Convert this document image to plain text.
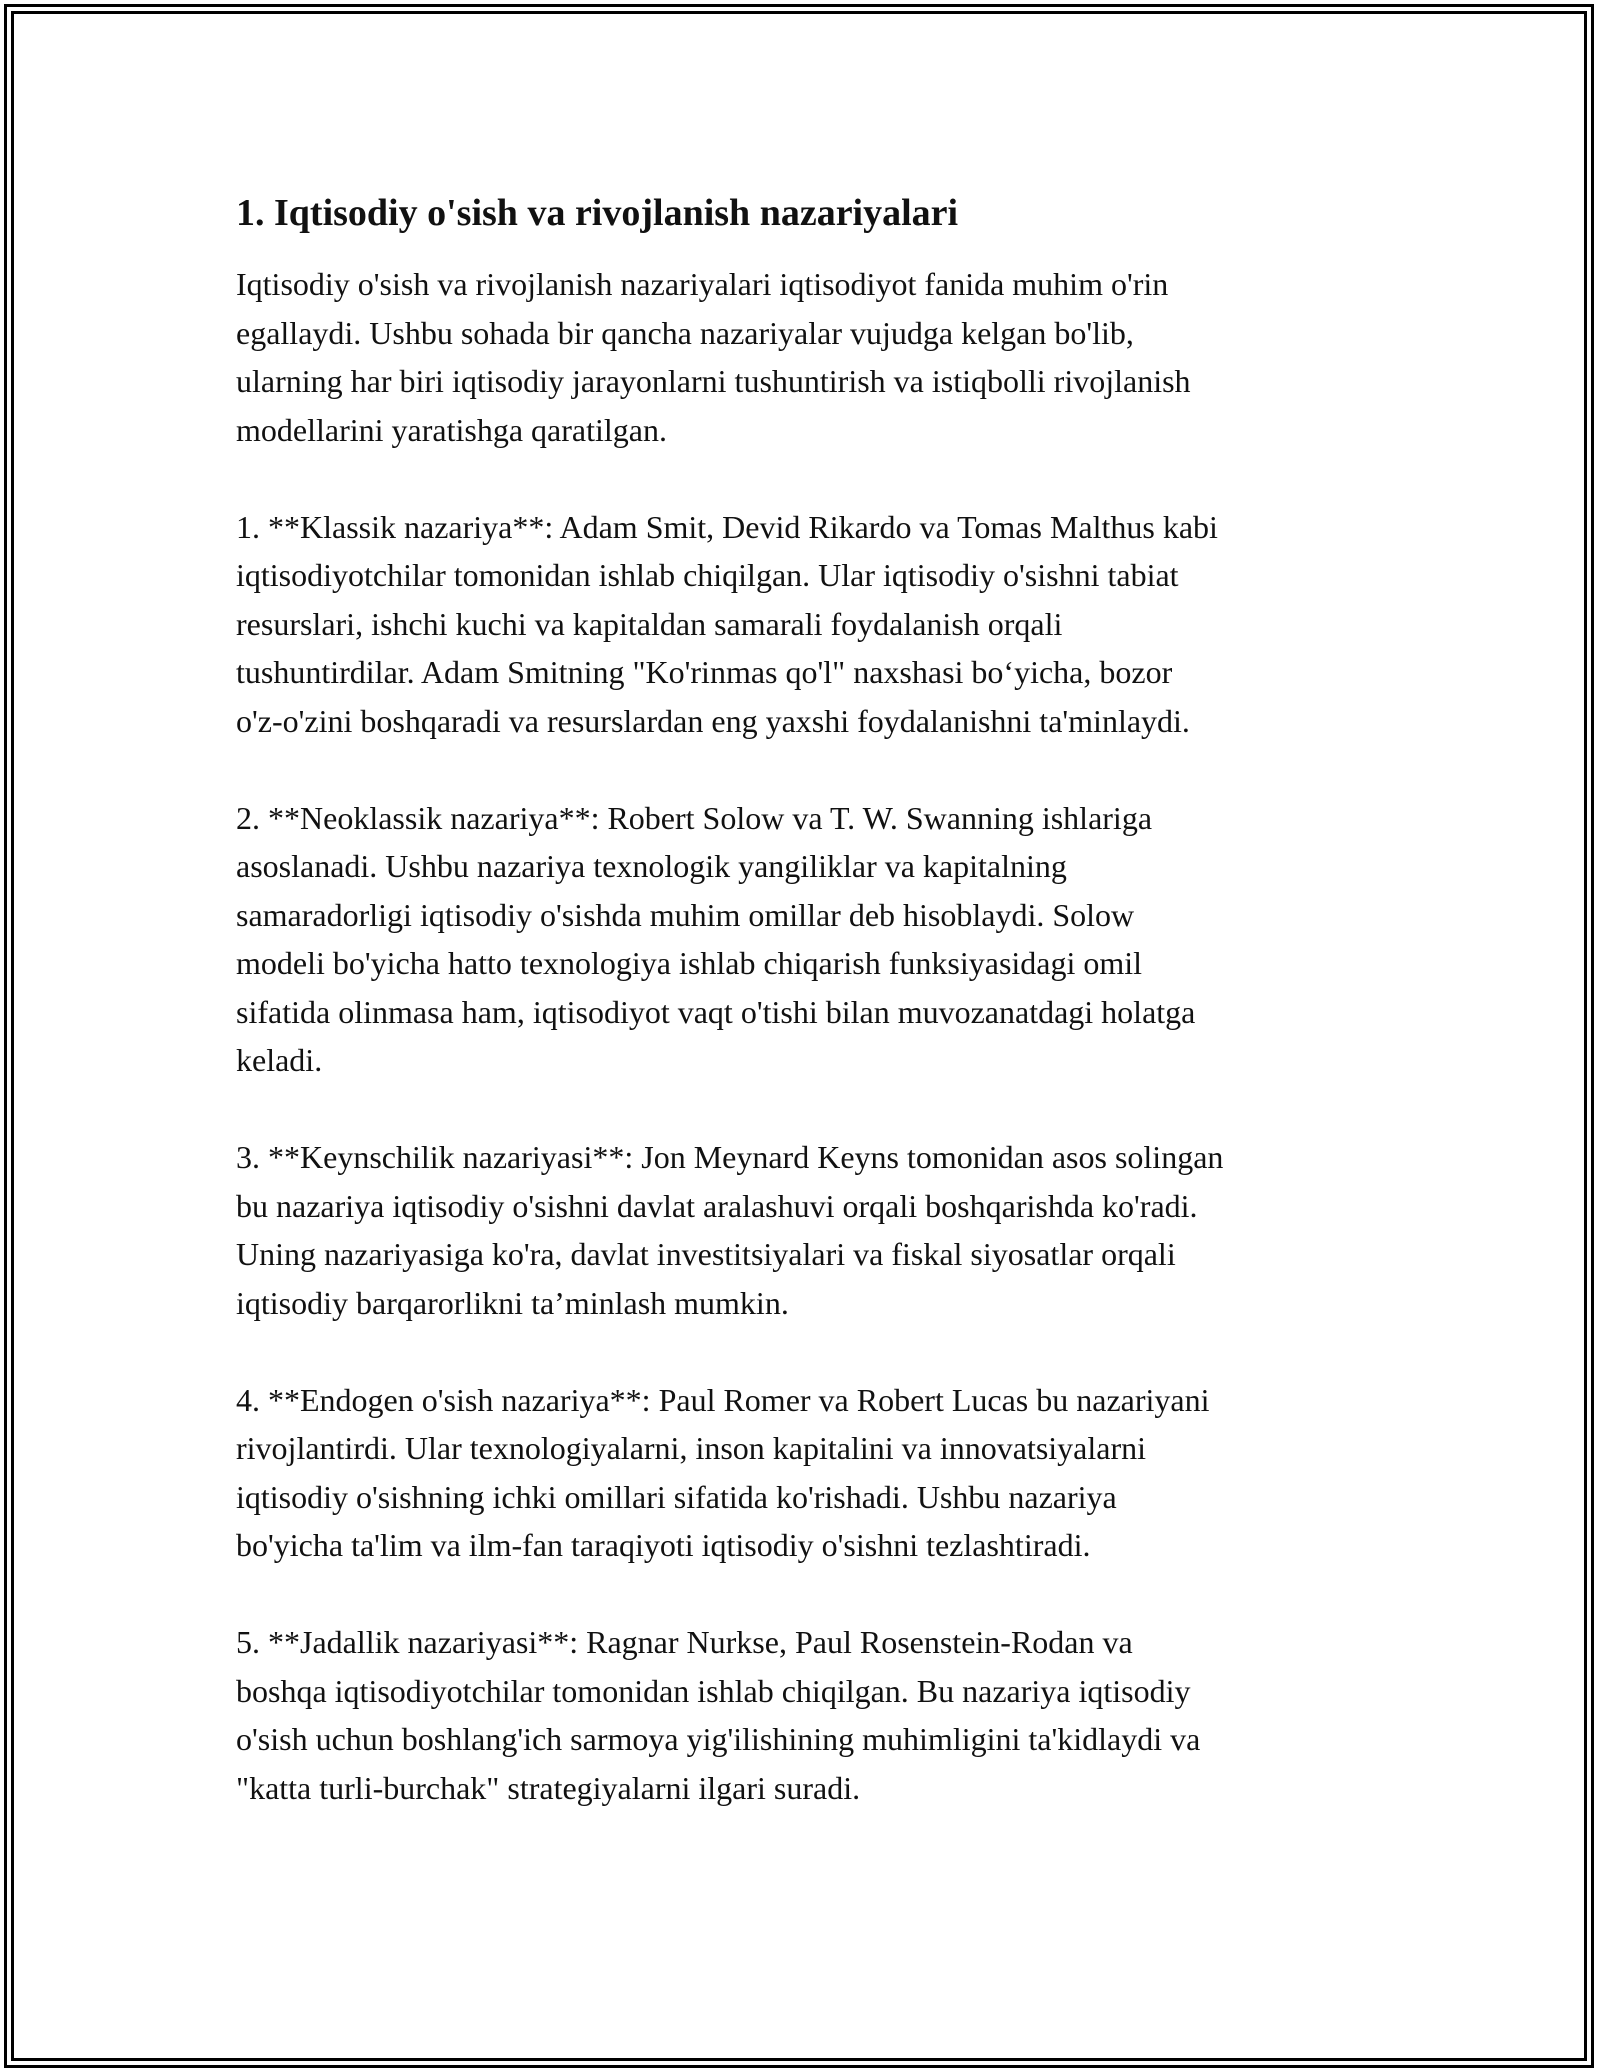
1. Iqtisodiy o'sish va rivojlanish nazariyalari
Iqtisodiy o'sish va rivojlanish nazariyalari iqtisodiyot fanida muhim o'rin
egallaydi. Ushbu sohada bir qancha nazariyalar vujudga kelgan bo'lib,
ularning har biri iqtisodiy jarayonlarni tushuntirish va istiqbolli rivojlanish
modellarini yaratishga qaratilgan.
1. **Klassik nazariya**: Adam Smit, Devid Rikardo va Tomas Malthus kabi
iqtisodiyotchilar tomonidan ishlab chiqilgan. Ular iqtisodiy o'sishni tabiat
resurslari, ishchi kuchi va kapitaldan samarali foydalanish orqali
tushuntirdilar. Adam Smitning "Ko'rinmas qo'l" naxshasi bo‘yicha, bozor
o'z-o'zini boshqaradi va resurslardan eng yaxshi foydalanishni ta'minlaydi.
2. **Neoklassik nazariya**: Robert Solow va T. W. Swanning ishlariga
asoslanadi. Ushbu nazariya texnologik yangiliklar va kapitalning
samaradorligi iqtisodiy o'sishda muhim omillar deb hisoblaydi. Solow
modeli bo'yicha hatto texnologiya ishlab chiqarish funksiyasidagi omil
sifatida olinmasa ham, iqtisodiyot vaqt o'tishi bilan muvozanatdagi holatga
keladi.
3. **Keynschilik nazariyasi**: Jon Meynard Keyns tomonidan asos solingan
bu nazariya iqtisodiy o'sishni davlat aralashuvi orqali boshqarishda ko'radi.
Uning nazariyasiga ko'ra, davlat investitsiyalari va fiskal siyosatlar orqali
iqtisodiy barqarorlikni ta’minlash mumkin.
4. **Endogen o'sish nazariya**: Paul Romer va Robert Lucas bu nazariyani
rivojlantirdi. Ular texnologiyalarni, inson kapitalini va innovatsiyalarni
iqtisodiy o'sishning ichki omillari sifatida ko'rishadi. Ushbu nazariya
bo'yicha ta'lim va ilm-fan taraqiyoti iqtisodiy o'sishni tezlashtiradi.
5. **Jadallik nazariyasi**: Ragnar Nurkse, Paul Rosenstein-Rodan va
boshqa iqtisodiyotchilar tomonidan ishlab chiqilgan. Bu nazariya iqtisodiy
o'sish uchun boshlang'ich sarmoya yig'ilishining muhimligini ta'kidlaydi va
"katta turli-burchak" strategiyalarni ilgari suradi.
